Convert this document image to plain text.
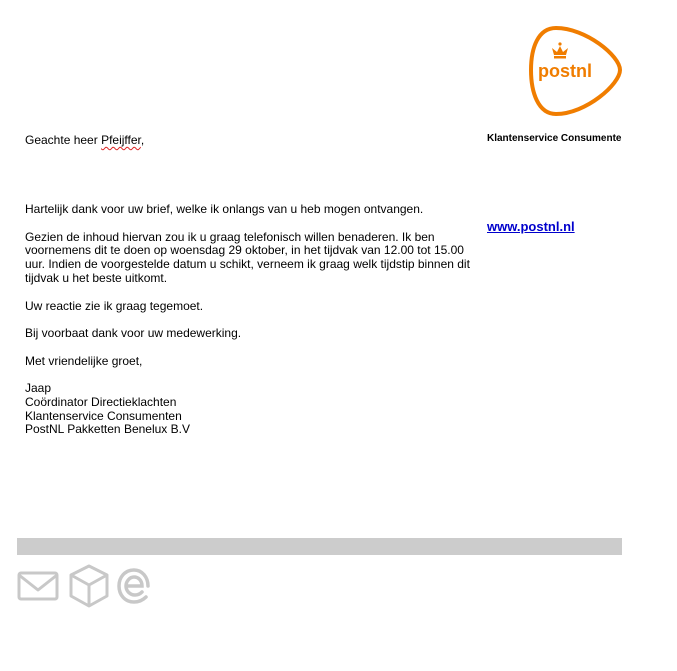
postnl
Geachte heer Pfeijffer,	Klantenservice Consumente
www.postnl.nl

Hartelijk dank voor uw brief, welke ik onlangs van u heb mogen ontvangen.

Gezien de inhoud hiervan zou ik u graag telefonisch willen benaderen. Ik ben voornemens dit te doen op woensdag 29 oktober, in het tijdvak van 12.00 tot 15.00 uur. Indien de voorgestelde datum u schikt, verneem ik graag welk tijdstip binnen dit tijdvak u het beste uitkomt.

Uw reactie zie ik graag tegemoet.

Bij voorbaat dank voor uw medewerking.

Met vriendelijke groet,

Jaap
Coördinator Directieklachten
Klantenservice Consumenten
PostNL Pakketten Benelux B.V
